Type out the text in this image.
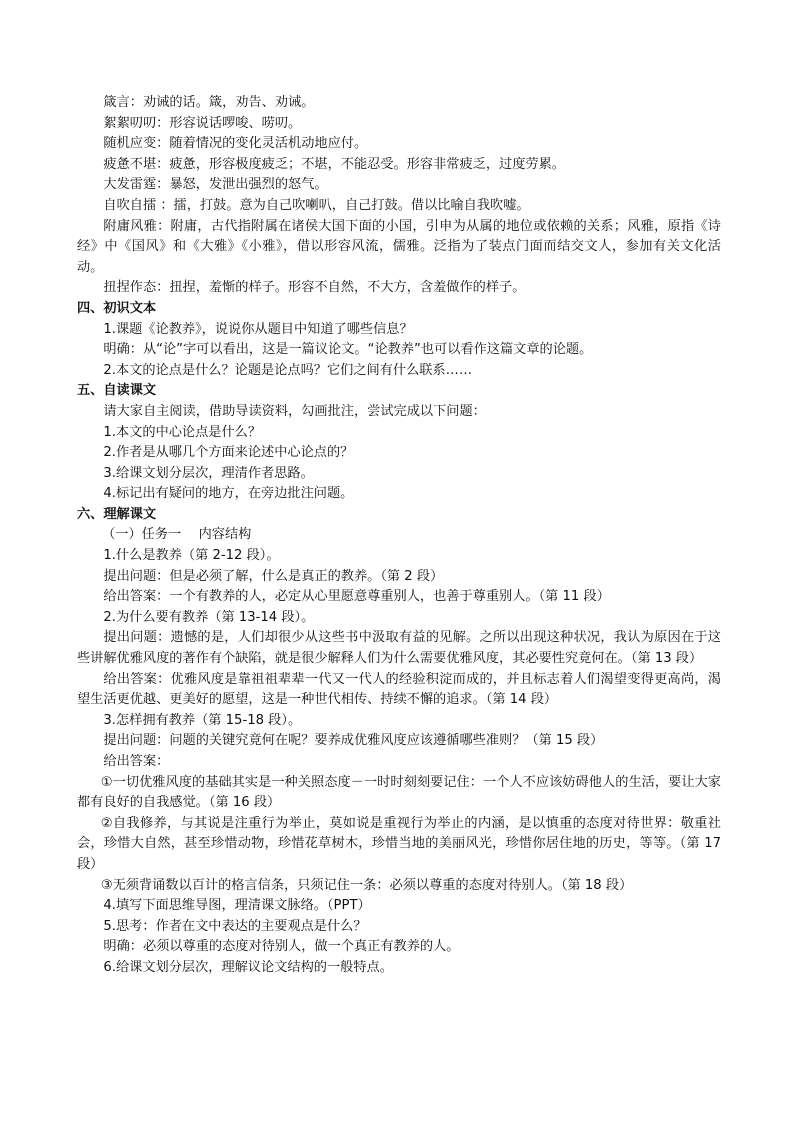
箴言：劝诫的话。箴，劝告、劝诫。

絮絮叨叨：形容说话啰唆、唠叨。

随机应变：随着情况的变化灵活机动地应付。

疲惫不堪：疲惫，形容极度疲乏；不堪，不能忍受。形容非常疲乏，过度劳累。

大发雷霆：暴怒，发泄出强烈的怒气。

自吹自擂 ：擂，打鼓。意为自己吹喇叭，自己打鼓。借以比喻自我吹嘘。

附庸风雅：附庸，古代指附属在诸侯大国下面的小国，引申为从属的地位或依赖的关系；风雅，原指《诗经》中《国风》和《大雅》《小雅》，借以形容风流，儒雅。泛指为了装点门面而结交文人，参加有关文化活动。

扭捏作态：扭捏，羞惭的样子。形容不自然，不大方，含羞做作的样子。

四、初识文本

1.课题《论教养》，说说你从题目中知道了哪些信息？

明确：从“论”字可以看出，这是一篇议论文。“论教养”也可以看作这篇文章的论题。

2.本文的论点是什么？论题是论点吗？它们之间有什么联系……

五、自读课文

请大家自主阅读，借助导读资料，勾画批注，尝试完成以下问题：

1.本文的中心论点是什么？

2.作者是从哪几个方面来论述中心论点的？

3.给课文划分层次，理清作者思路。

4.标记出有疑问的地方，在旁边批注问题。

六、理解课文

（一）任务一　 内容结构

1.什么是教养（第 2-12 段）。

提出问题：但是必须了解，什么是真正的教养。（第 2 段）

给出答案：一个有教养的人，必定从心里愿意尊重别人，也善于尊重别人。（第 11 段）

2.为什么要有教养（第 13-14 段）。

提出问题：遗憾的是，人们却很少从这些书中汲取有益的见解。之所以出现这种状况，我认为原因在于这些讲解优雅风度的著作有个缺陷，就是很少解释人们为什么需要优雅风度，其必要性究竟何在。（第 13 段）

给出答案：优雅风度是靠祖祖辈辈一代又一代人的经验积淀而成的，并且标志着人们渴望变得更高尚，渴望生活更优越、更美好的愿望，这是一种世代相传、持续不懈的追求。（第 14 段）

3.怎样拥有教养（第 15-18 段）。

提出问题：问题的关键究竟何在呢？要养成优雅风度应该遵循哪些准则？（第 15 段）

给出答案：

①一切优雅风度的基础其实是一种关照态度－一时时刻刻要记住：一个人不应该妨碍他人的生活，要让大家都有良好的自我感觉。（第 16 段）

②自我修养，与其说是注重行为举止，莫如说是重视行为举止的内涵，是以慎重的态度对待世界：敬重社会，珍惜大自然，甚至珍惜动物，珍惜花草树木，珍惜当地的美丽风光，珍惜你居住地的历史，等等。（第 17 段）

③无须背诵数以百计的格言信条，只须记住一条：必须以尊重的态度对待别人。（第 18 段）

4.填写下面思维导图，理清课文脉络。（PPT）

5.思考：作者在文中表达的主要观点是什么？

明确：必须以尊重的态度对待别人，做一个真正有教养的人。

6.给课文划分层次，理解议论文结构的一般特点。
